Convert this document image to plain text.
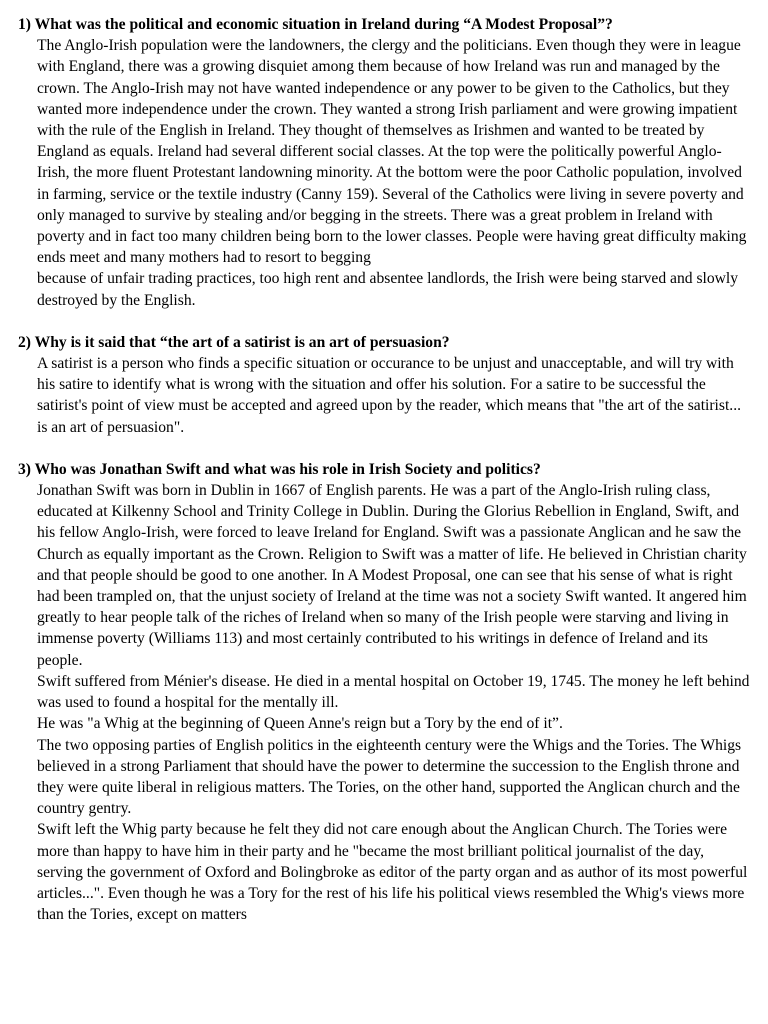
1) What was the political and economic situation in Ireland during “A Modest Proposal”?

The Anglo-Irish population were the landowners, the clergy and the politicians. Even though they were in league with England, there was a growing disquiet among them because of how Ireland was run and managed by the crown. The Anglo-Irish may not have wanted independence or any power to be given to the Catholics, but they wanted more independence under the crown. They wanted a strong Irish parliament and were growing impatient with the rule of the English in Ireland. They thought of themselves as Irishmen and wanted to be treated by England as equals. Ireland had several different social classes. At the top were the politically powerful Anglo-Irish, the more fluent Protestant landowning minority. At the bottom were the poor Catholic population, involved in farming, service or the textile industry (Canny 159). Several of the Catholics were living in severe poverty and only managed to survive by stealing and/or begging in the streets. There was a great problem in Ireland with poverty and in fact too many children being born to the lower classes. People were having great difficulty making ends meet and many mothers had to resort to begging

because of unfair trading practices, too high rent and absentee landlords, the Irish were being starved and slowly destroyed by the English.

2) Why is it said that “the art of a satirist is an art of persuasion?

A satirist is a person who finds a specific situation or occurance to be unjust and unacceptable, and will try with his satire to identify what is wrong with the situation and offer his solution. For a satire to be successful the satirist's point of view must be accepted and agreed upon by the reader, which means that "the art of the satirist... is an art of persuasion".

3) Who was Jonathan Swift and what was his role in Irish Society and politics?

Jonathan Swift was born in Dublin in 1667 of English parents. He was a part of the Anglo-Irish ruling class, educated at Kilkenny School and Trinity College in Dublin. During the Glorius Rebellion in England, Swift, and his fellow Anglo-Irish, were forced to leave Ireland for England. Swift was a passionate Anglican and he saw the Church as equally important as the Crown. Religion to Swift was a matter of life. He believed in Christian charity and that people should be good to one another. In A Modest Proposal, one can see that his sense of what is right had been trampled on, that the unjust society of Ireland at the time was not a society Swift wanted. It angered him greatly to hear people talk of the riches of Ireland when so many of the Irish people were starving and living in immense poverty (Williams 113) and most certainly contributed to his writings in defence of Ireland and its people.

Swift suffered from Ménier's disease. He died in a mental hospital on October 19, 1745. The money he left behind was used to found a hospital for the mentally ill.

He was "a Whig at the beginning of Queen Anne's reign but a Tory by the end of it”.

The two opposing parties of English politics in the eighteenth century were the Whigs and the Tories. The Whigs believed in a strong Parliament that should have the power to determine the succession to the English throne and they were quite liberal in religious matters. The Tories, on the other hand, supported the Anglican church and the country gentry.

Swift left the Whig party because he felt they did not care enough about the Anglican Church. The Tories were more than happy to have him in their party and he "became the most brilliant political journalist of the day, serving the government of Oxford and Bolingbroke as editor of the party organ and as author of its most powerful articles...". Even though he was a Tory for the rest of his life his political views resembled the Whig's views more than the Tories, except on matters
